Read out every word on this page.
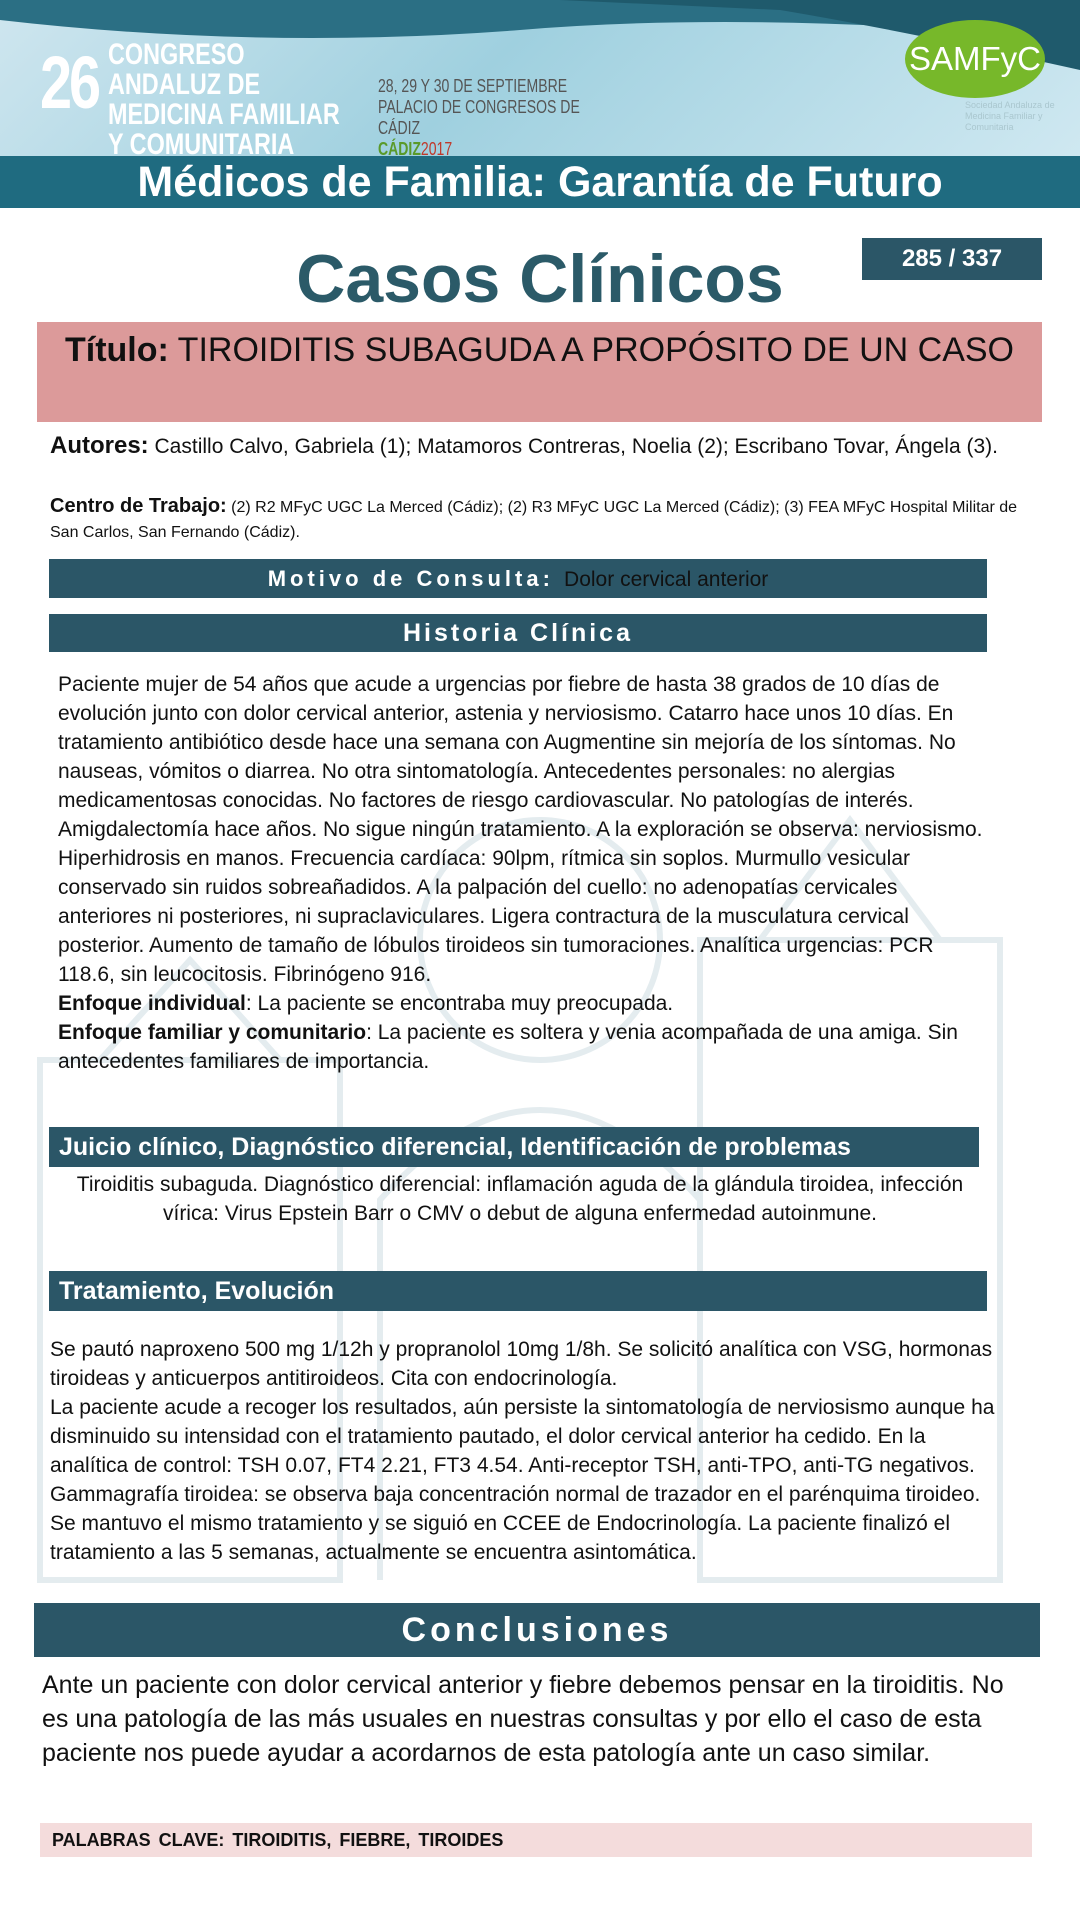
26 CONGRESO ANDALUZ DE MEDICINA FAMILIAR Y COMUNITARIA
28, 29 Y 30 DE SEPTIEMBRE
PALACIO DE CONGRESOS DE CÁDIZ
CÁDIZ2017
SAMFyC
Sociedad Andaluza de Medicina Familiar y Comunitaria
Médicos de Familia: Garantía de Futuro
Casos Clínicos	285 / 337
Título: TIROIDITIS SUBAGUDA A PROPÓSITO DE UN CASO
Autores: Castillo Calvo, Gabriela (1); Matamoros Contreras, Noelia (2); Escribano Tovar, Ángela (3).
Centro de Trabajo: (2) R2 MFyC UGC La Merced (Cádiz); (2) R3 MFyC UGC La Merced (Cádiz); (3) FEA MFyC Hospital Militar de San Carlos, San Fernando (Cádiz).
Motivo de Consulta: Dolor cervical anterior
Historia Clínica
Paciente mujer de 54 años que acude a urgencias por fiebre de hasta 38 grados de 10 días de evolución junto con dolor cervical anterior, astenia y nerviosismo. Catarro hace unos 10 días. En tratamiento antibiótico desde hace una semana con Augmentine sin mejoría de los síntomas. No nauseas, vómitos o diarrea. No otra sintomatología. Antecedentes personales: no alergias medicamentosas conocidas. No factores de riesgo cardiovascular. No patologías de interés. Amigdalectomía hace años. No sigue ningún tratamiento. A la exploración se observa: nerviosismo. Hiperhidrosis en manos. Frecuencia cardíaca: 90lpm, rítmica sin soplos. Murmullo vesicular conservado sin ruidos sobreañadidos. A la palpación del cuello: no adenopatías cervicales anteriores ni posteriores, ni supraclaviculares. Ligera contractura de la musculatura cervical posterior. Aumento de tamaño de lóbulos tiroideos sin tumoraciones. Analítica urgencias: PCR 118.6, sin leucocitosis. Fibrinógeno 916.
Enfoque individual: La paciente se encontraba muy preocupada.
Enfoque familiar y comunitario: La paciente es soltera y venia acompañada de una amiga. Sin antecedentes familiares de importancia.
Juicio clínico, Diagnóstico diferencial, Identificación de problemas
Tiroiditis subaguda. Diagnóstico diferencial: inflamación aguda de la glándula tiroidea, infección vírica: Virus Epstein Barr o CMV o debut de alguna enfermedad autoinmune.
Tratamiento, Evolución
Se pautó naproxeno 500 mg 1/12h y propranolol 10mg 1/8h. Se solicitó analítica con VSG, hormonas tiroideas y anticuerpos antitiroideos. Cita con endocrinología.
La paciente acude a recoger los resultados, aún persiste la sintomatología de nerviosismo aunque ha disminuido su intensidad con el tratamiento pautado, el dolor cervical anterior ha cedido. En la analítica de control: TSH 0.07, FT4 2.21, FT3 4.54. Anti-receptor TSH, anti-TPO, anti-TG negativos. Gammagrafía tiroidea: se observa baja concentración normal de trazador en el parénquima tiroideo. Se mantuvo el mismo tratamiento y se siguió en CCEE de Endocrinología. La paciente finalizó el tratamiento a las 5 semanas, actualmente se encuentra asintomática.
Conclusiones
Ante un paciente con dolor cervical anterior y fiebre debemos pensar en la tiroiditis. No es una patología de las más usuales en nuestras consultas y por ello el caso de esta paciente nos puede ayudar a acordarnos de esta patología ante un caso similar.
PALABRAS CLAVE: TIROIDITIS, FIEBRE, TIROIDES
